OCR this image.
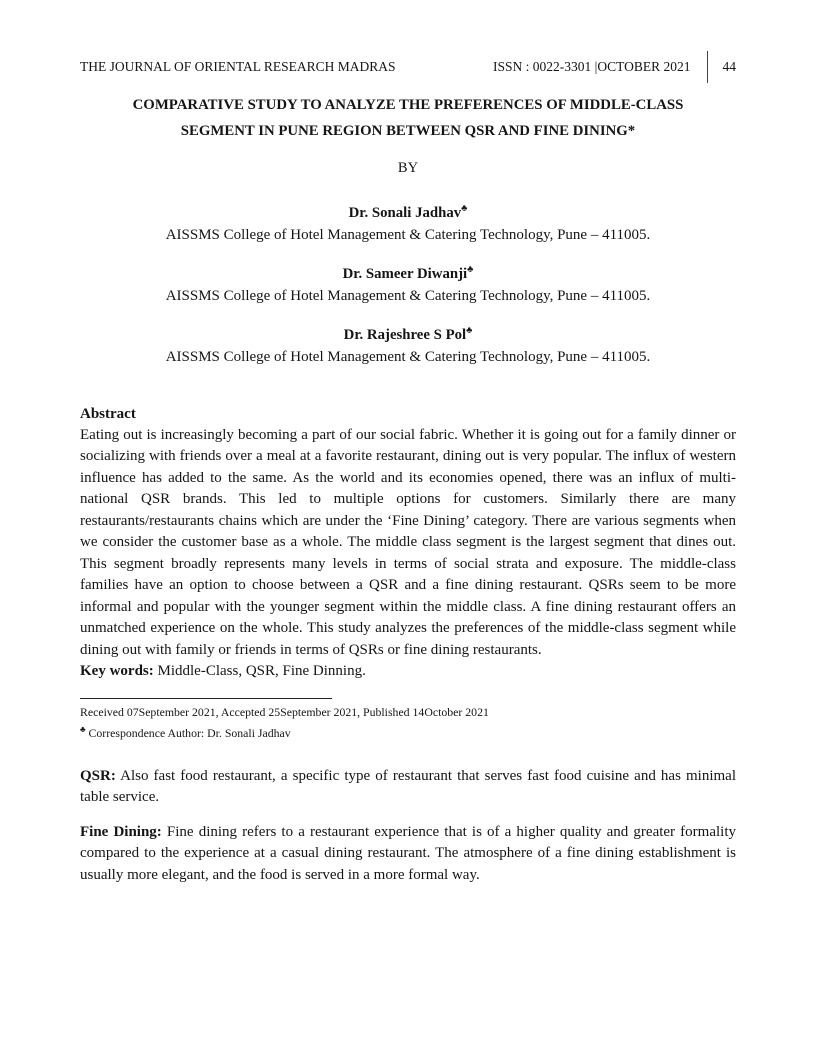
THE JOURNAL OF ORIENTAL RESEARCH MADRAS	ISSN : 0022-3301 |OCTOBER 2021 44
COMPARATIVE STUDY TO ANALYZE THE PREFERENCES OF MIDDLE-CLASS
SEGMENT IN PUNE REGION BETWEEN QSR AND FINE DINING*
BY
Dr. Sonali Jadhav♣
AISSMS College of Hotel Management & Catering Technology, Pune – 411005.
Dr. Sameer Diwanji♣
AISSMS College of Hotel Management & Catering Technology, Pune – 411005.
Dr. Rajeshree S Pol♣
AISSMS College of Hotel Management & Catering Technology, Pune – 411005.
Abstract

Eating out is increasingly becoming a part of our social fabric. Whether it is going out for a family dinner or socializing with friends over a meal at a favorite restaurant, dining out is very popular. The influx of western influence has added to the same. As the world and its economies opened, there was an influx of multi-national QSR brands. This led to multiple options for customers. Similarly there are many restaurants/restaurants chains which are under the ‘Fine Dining’ category. There are various segments when we consider the customer base as a whole. The middle class segment is the largest segment that dines out. This segment broadly represents many levels in terms of social strata and exposure. The middle-class families have an option to choose between a QSR and a fine dining restaurant. QSRs seem to be more informal and popular with the younger segment within the middle class. A fine dining restaurant offers an unmatched experience on the whole. This study analyzes the preferences of the middle-class segment while dining out with family or friends in terms of QSRs or fine dining restaurants.

Key words: Middle-Class, QSR, Fine Dinning.

Received 07September 2021, Accepted 25September 2021, Published 14October 2021
♣ Correspondence Author: Dr. Sonali Jadhav

QSR: Also fast food restaurant, a specific type of restaurant that serves fast food cuisine and has minimal table service.

Fine Dining: Fine dining refers to a restaurant experience that is of a higher quality and greater formality compared to the experience at a casual dining restaurant. The atmosphere of a fine dining establishment is usually more elegant, and the food is served in a more formal way.
